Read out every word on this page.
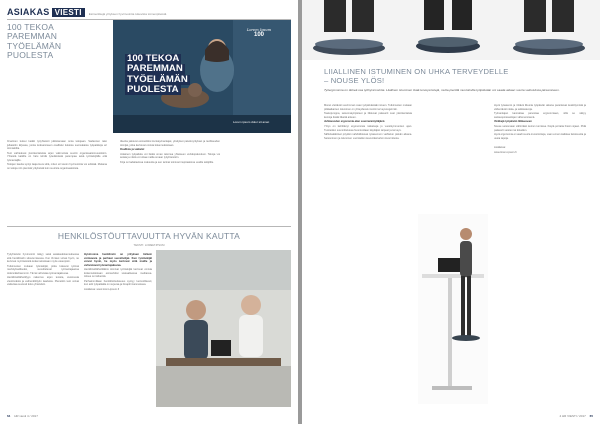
ASIAKAS VIESTI	Esimerkkejä yrityksen hyvinvointia tukevista toimenpiteistä
100 TEKOA
PAREMMAN
TYÖELÄMÄN
PUOLESTA
Lorem Ipsum
100
100 TEKOA
PAREMMAN
TYÖELÄMÄN
PUOLESTA
Lorem ipsum dolor sit amet

Ilmarinen kutsui kaikki työyhteisöt julkistamaan omia tekojaan. Sadannen teko julkaistiin kirjassa, jonka kokoamiseen osallistui lukuisia suomalaisia työpaikkoja eri toimialoilta.

Teot vaihtelevat yksinkertaisista arjen valinnoista suuriin organisaatiomuutoksiin. Yhteistä kaikille on halu tehdä työelämästä parempaa sekä työntekijöille että työnantajille.

Tekojen kautta syntyi laaja kuva siitä, miten eri tavoin hyvinvointia voi edistää. Mukana on tekoja niin pienistä yrityksistä kuin suurista organisaatioista.

Ideoita jakoivat esimerkiksi kuntatyönantajat, yksityiset palveluyritykset ja teollisuuden toimijat, jotka kertoivat omista kokemuksistaan.

Osallistu ja vaikuta!

Jokainen työpaikka voi lisätä oman tekonsa yhteiseen verkkopalveluun. Tekoja voi selata ja niistä voi ottaa mallia omaan työyhteisöön.

Kirja on ladattavissa maksutta ja sen tarinat toimivat inspiraationa uusille tekijöille.

HENKILÖSTÖUTTAVUUTTA HYVÄN KAUTTA
TEKSTI: LOREM IPSUM

Työyhteisön hyvinvointi näkyy sekä asiakaskokemuksessa että henkilöstön sitoutumisessa. Kun ihmiset voivat hyvin, ne kertovat myönteisistä kokemuksistaan myös eteenpäin.

Tutkimusten mukaan työntekijät, jotka kokevat työnsä merkitykselliseksi, suosittelevat työnantajaansa todennäköisemmin. Tämä vahvistaa työnantajakuvaa.

Henkilöstölähettilyys rakentuu arjen teoista, avoimesta viestinnästä ja esihenkilötyön laadusta. Pienetkin teot voivat vaikuttaa suuresti koko yhteisöön.

Hyvinvoiva henkilöstö on yrityksen tärkein voimavara ja parhaat suosittelijat. Kun työntekijät voivat hyvin, he myös kertovat siitä muille ja vahvistavat työnantajakuvaa.

Henkilöstölähettiläinä toimivat työntekijät kertovat omista kokemuksistaan esimerkiksi sosiaalisessa mediassa. Aitous on tärkeintä.

Parhaimmillaan henkilöstöuttavuus syntyy luonnollisesti, kun arki työpaikalla on sujuvaa ja ilmapiiri kannustava.

Lisätietoa: www.lorem-ipsum.fi

64 HR viesti 4 / 2017
LIIALLINEN ISTUMINEN ON UHKA TERVEYDELLE
– NOUSE YLÖS!
Työergonomia on tärkeä osa työhyvinvointia. Liiallinen istuminen lisää terveysriskejä, mutta pienillä muutoksilla työpäivään voi saada aikaan suuria vaikutuksia jaksamiseen.

Monet viettävät suurimman osan työpäivästään istuen. Tutkimusten mukaan pitkäaikainen istuminen on yhteydessä moniin terveysongelmiin.

Taukojumppa, seisomatyöpisteet ja liikkuvat palaverit ovat yksinkertaisia keinoja lisätä liikettä arkeen.

Juhlavuoden ergonomia-alan suunnannäyttäjänä

Yritys on kehittänyt ergonomisia ratkaisuja jo vuosikymmenten ajan. Tuotteiden suunnittelussa huomioidaan käyttäjän tarpeet ja terveys.

Sähkösäätöiset pöydät mahdollistavat työasennon vaihtelun päivän aikana. Seisominen ja istuminen vuorotellen keventää kehon kuormitusta.

Hyvä työasento ja riittävä liikunta työpäivän aikana parantavat keskittymistä ja vähentävät niska- ja selkävaivoja.

Työnantajan kannattaa panostaa ergonomiaan, sillä se näkyy sairauspoissaolojen vähenemisenä.

Vinkkejä työpäivän liikkeeseen

Nouse seisomaan vähintään kerran tunnissa. Käytä portaita hissin sijaan. Pidä palaverit seisten tai kävellen.

Hyvä ergonomia ei vaadi suuria investointeja, vaan ennen kaikkea tietoisuutta ja uusia tapoja.

Lisätietoa:

www.lorem-ipsum.fi

4 HR VIESTI / 2017 65
